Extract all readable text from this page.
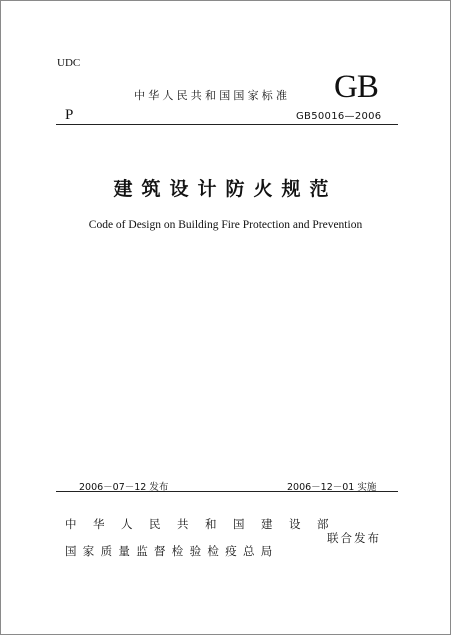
UDC
中华人民共和国国家标准 GB
P	GB50016—2006
建筑设计防火规范
Code of Design on Building Fire Protection and Prevention
2006－07－12 发布	2006－12－01 实施
中华人民共和国建设部
国家质量监督检验检疫总局
联合发布
